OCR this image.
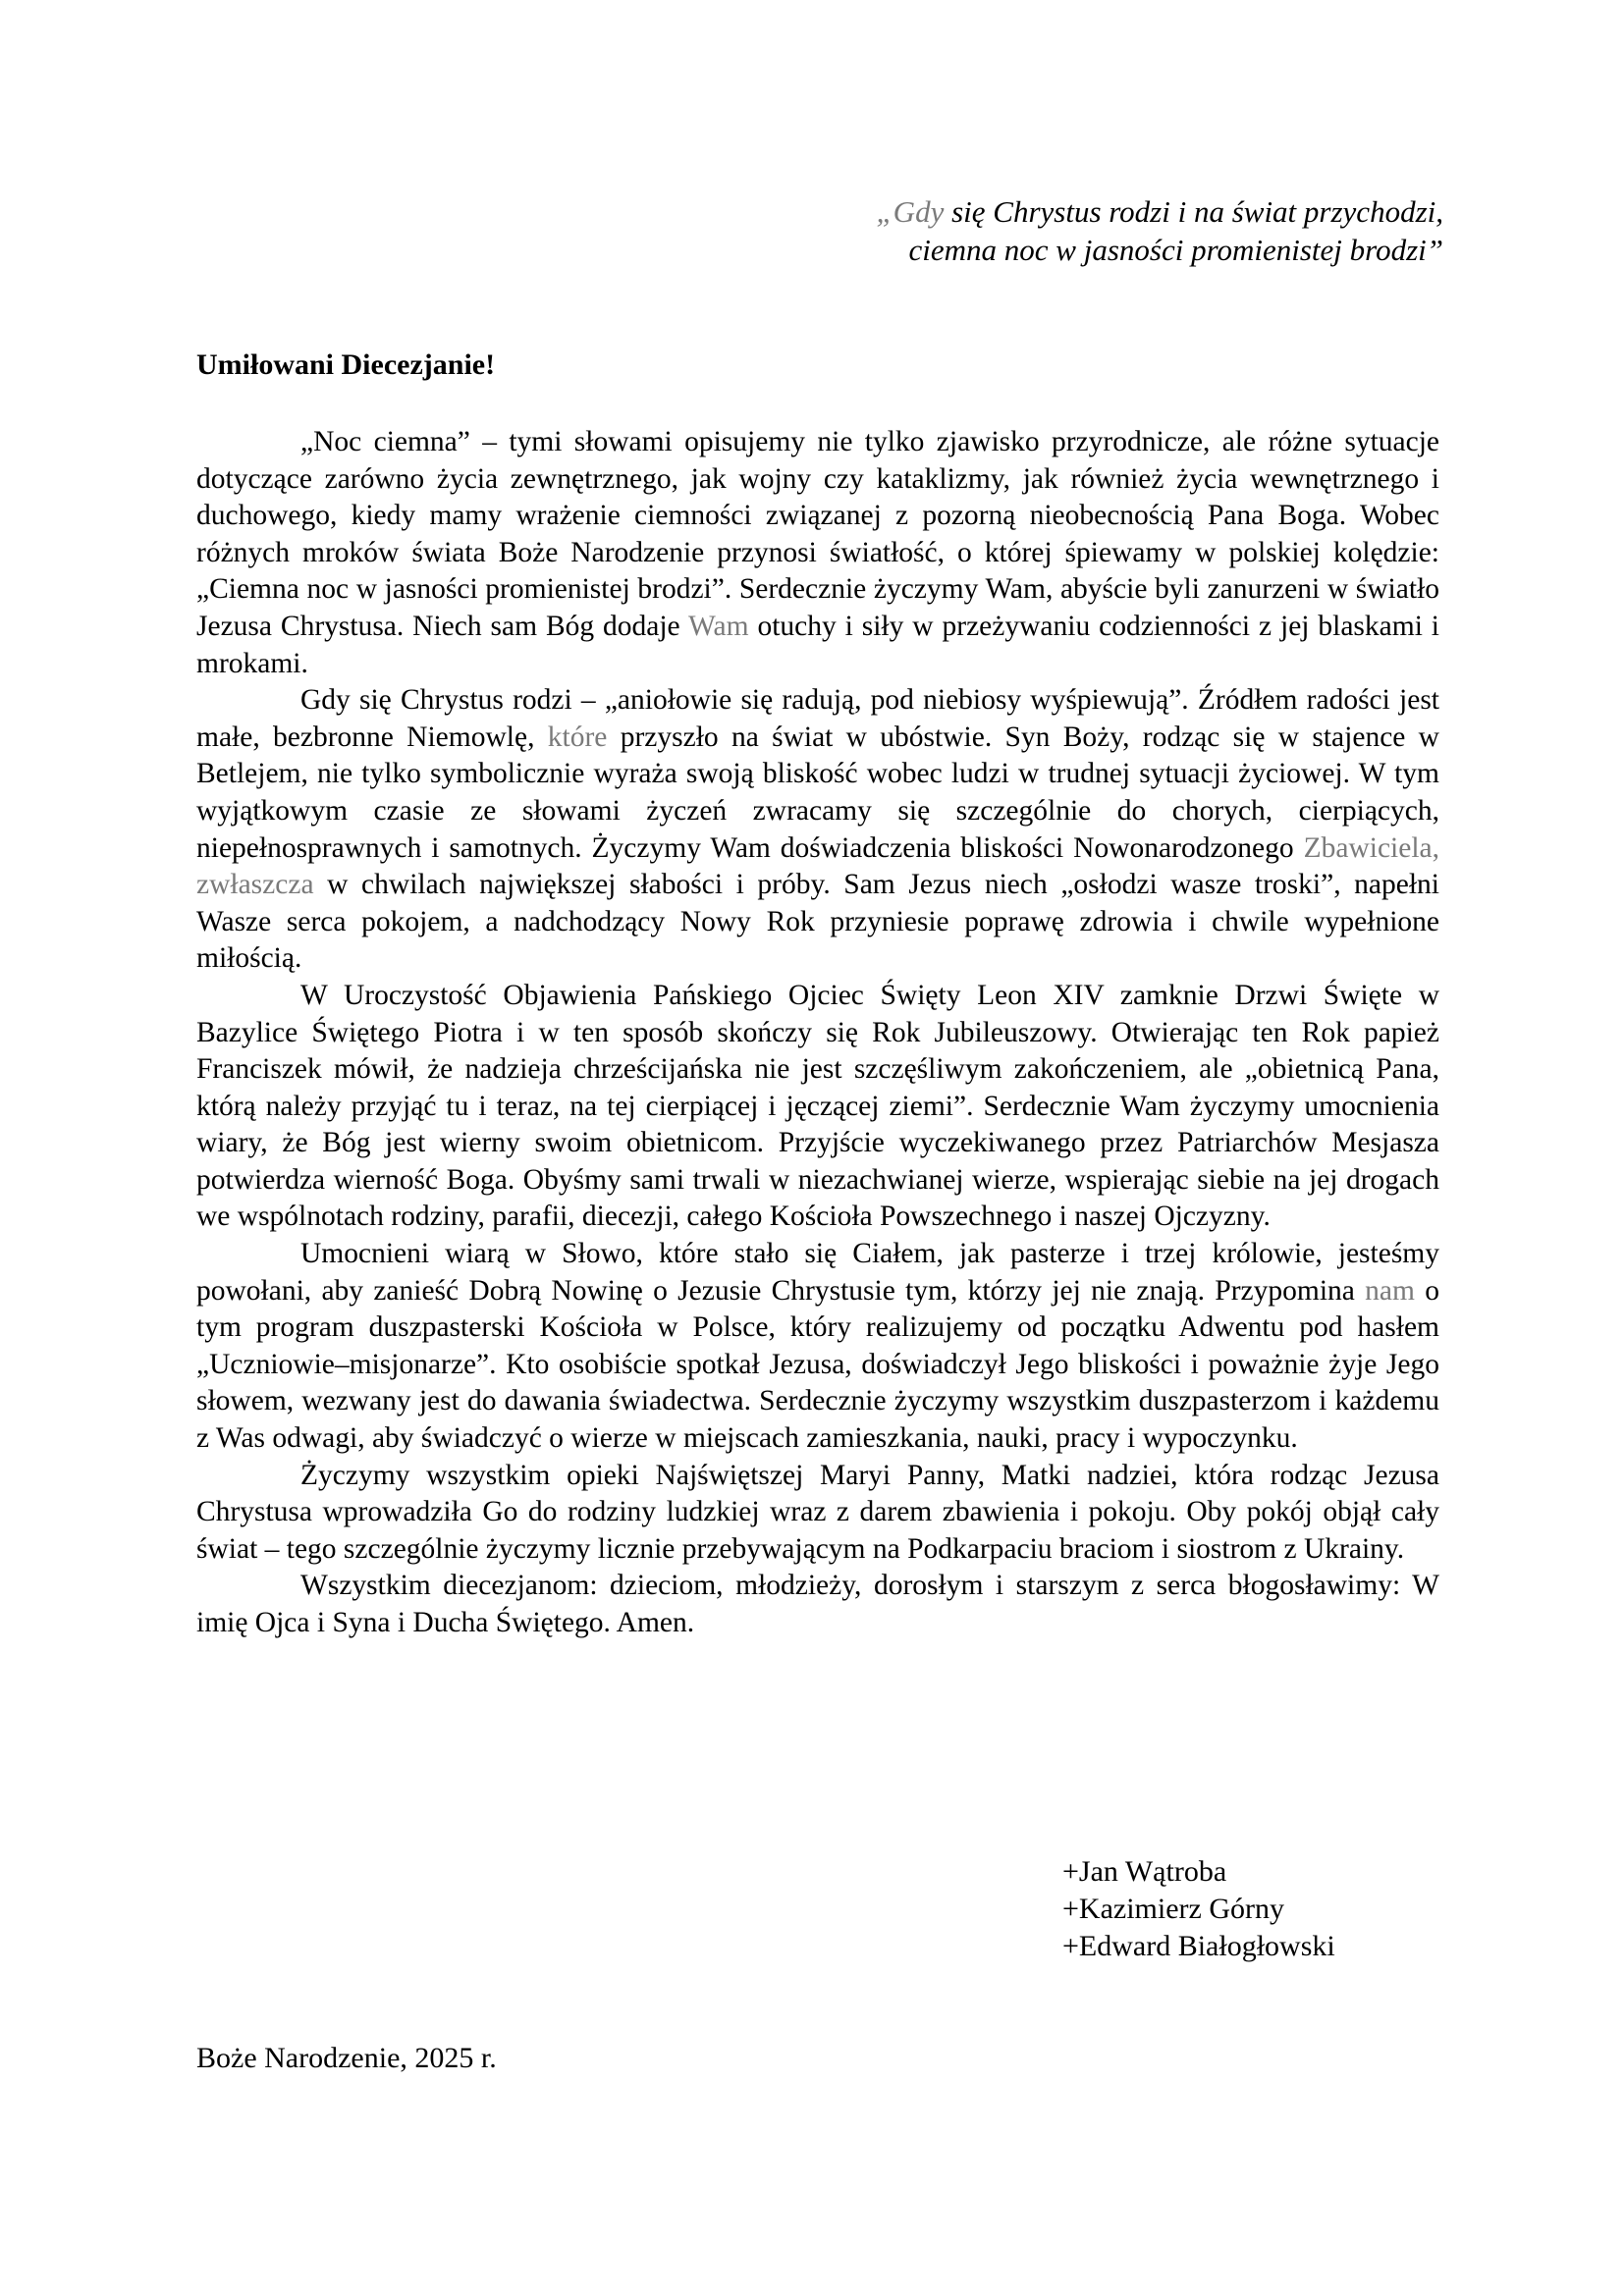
„Gdy się Chrystus rodzi i na świat przychodzi,

ciemna noc w jasności promienistej brodzi”
Umiłowani Diecezjanie!

„Noc ciemna” – tymi słowami opisujemy nie tylko zjawisko przyrodnicze, ale różne sytuacje dotyczące zarówno życia zewnętrznego, jak wojny czy kataklizmy, jak również życia wewnętrznego i duchowego, kiedy mamy wrażenie ciemności związanej z pozorną nieobecnością Pana Boga. Wobec różnych mroków świata Boże Narodzenie przynosi światłość, o której śpiewamy w polskiej kolędzie: „Ciemna noc w jasności promienistej brodzi”. Serdecznie życzymy Wam, abyście byli zanurzeni w światło Jezusa Chrystusa. Niech sam Bóg dodaje Wam otuchy i siły w przeżywaniu codzienności z jej blaskami i mrokami.

Gdy się Chrystus rodzi – „aniołowie się radują, pod niebiosy wyśpiewują”. Źródłem radości jest małe, bezbronne Niemowlę, które przyszło na świat w ubóstwie. Syn Boży, rodząc się w stajence w Betlejem, nie tylko symbolicznie wyraża swoją bliskość wobec ludzi w trudnej sytuacji życiowej. W tym wyjątkowym czasie ze słowami życzeń zwracamy się szczególnie do chorych, cierpiących, niepełnosprawnych i samotnych. Życzymy Wam doświadczenia bliskości Nowonarodzonego Zbawiciela, zwłaszcza w chwilach największej słabości i próby. Sam Jezus niech „osłodzi wasze troski”, napełni Wasze serca pokojem, a nadchodzący Nowy Rok przyniesie poprawę zdrowia i chwile wypełnione miłością.

W Uroczystość Objawienia Pańskiego Ojciec Święty Leon XIV zamknie Drzwi Święte w Bazylice Świętego Piotra i w ten sposób skończy się Rok Jubileuszowy. Otwierając ten Rok papież Franciszek mówił, że nadzieja chrześcijańska nie jest szczęśliwym zakończeniem, ale „obietnicą Pana, którą należy przyjąć tu i teraz, na tej cierpiącej i jęczącej ziemi”. Serdecznie Wam życzymy umocnienia wiary, że Bóg jest wierny swoim obietnicom. Przyjście wyczekiwanego przez Patriarchów Mesjasza potwierdza wierność Boga. Obyśmy sami trwali w niezachwianej wierze, wspierając siebie na jej drogach we wspólnotach rodziny, parafii, diecezji, całego Kościoła Powszechnego i naszej Ojczyzny.

Umocnieni wiarą w Słowo, które stało się Ciałem, jak pasterze i trzej królowie, jesteśmy powołani, aby zanieść Dobrą Nowinę o Jezusie Chrystusie tym, którzy jej nie znają. Przypomina nam o tym program duszpasterski Kościoła w Polsce, który realizujemy od początku Adwentu pod hasłem „Uczniowie–misjonarze”. Kto osobiście spotkał Jezusa, doświadczył Jego bliskości i poważnie żyje Jego słowem, wezwany jest do dawania świadectwa. Serdecznie życzymy wszystkim duszpasterzom i każdemu z Was odwagi, aby świadczyć o wierze w miejscach zamieszkania, nauki, pracy i wypoczynku.

Życzymy wszystkim opieki Najświętszej Maryi Panny, Matki nadziei, która rodząc Jezusa Chrystusa wprowadziła Go do rodziny ludzkiej wraz z darem zbawienia i pokoju. Oby pokój objął cały świat – tego szczególnie życzymy licznie przebywającym na Podkarpaciu braciom i siostrom z Ukrainy.

Wszystkim diecezjanom: dzieciom, młodzieży, dorosłym i starszym z serca błogosławimy: W imię Ojca i Syna i Ducha Świętego. Amen.

+Jan Wątroba
+Kazimierz Górny
+Edward Białogłowski
Boże Narodzenie, 2025 r.
